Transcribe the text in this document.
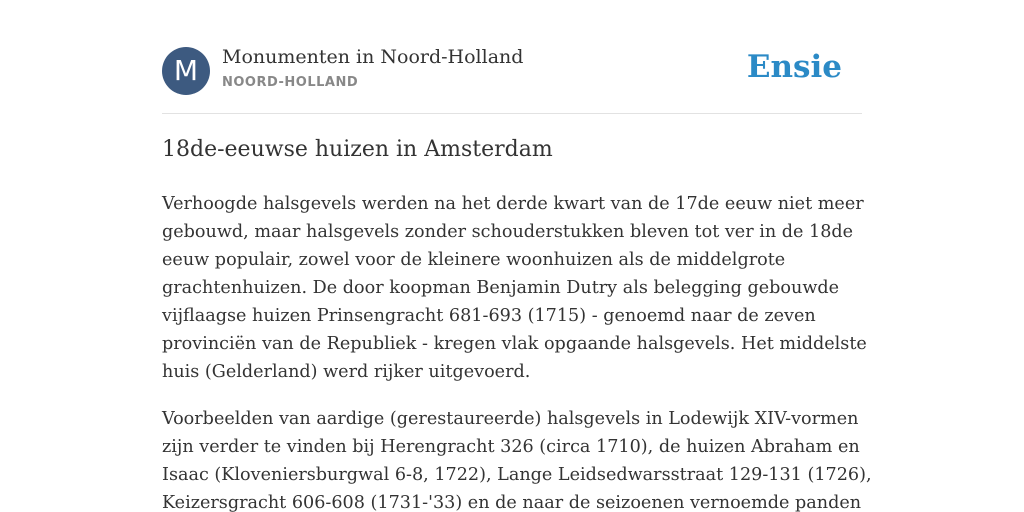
M	Monumenten in Noord-Holland
NOORD-HOLLAND	Ensie
18de-eeuwse huizen in Amsterdam

Verhoogde halsgevels werden na het derde kwart van de 17de eeuw niet meer
gebouwd, maar halsgevels zonder schouderstukken bleven tot ver in de 18de
eeuw populair, zowel voor de kleinere woonhuizen als de middelgrote
grachtenhuizen. De door koopman Benjamin Dutry als belegging gebouwde
vijflaagse huizen Prinsengracht 681-693 (1715) - genoemd naar de zeven
provinciën van de Republiek - kregen vlak opgaande halsgevels. Het middelste
huis (Gelderland) werd rijker uitgevoerd.

Voorbeelden van aardige (gerestaureerde) halsgevels in Lodewijk XIV-vormen
zijn verder te vinden bij Herengracht 326 (circa 1710), de huizen Abraham en
Isaac (Kloveniersburgwal 6-8, 1722), Lange Leidsedwarsstraat 129-131 (1726),
Keizersgracht 606-608 (1731-'33) en de naar de seizoenen vernoemde panden
